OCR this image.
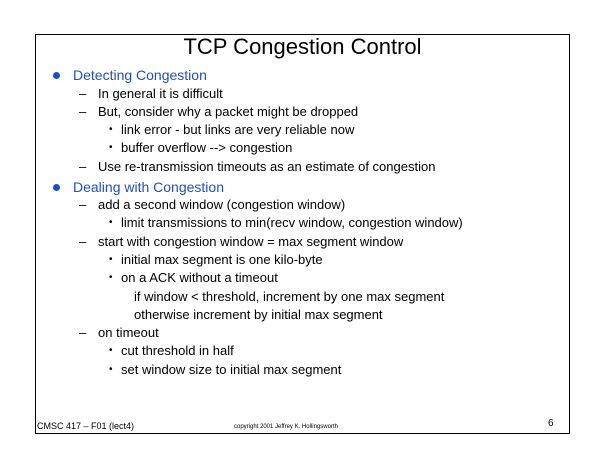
TCP Congestion Control
Detecting Congestion
– In general it is difficult
– But, consider why a packet might be dropped
• link error - but links are very reliable now
• buffer overflow --> congestion
– Use re-transmission timeouts as an estimate of congestion
Dealing with Congestion
– add a second window (congestion window)
• limit transmissions to min(recv window, congestion window)
– start with congestion window = max segment window
• initial max segment is one kilo-byte
• on a ACK without a timeout
if window < threshold, increment by one max segment
otherwise increment by initial max segment
– on timeout
• cut threshold in half
• set window size to initial max segment
CMSC 417 – F01 (lect4)	copyright 2001 Jeffrey K. Hollingsworth	6
